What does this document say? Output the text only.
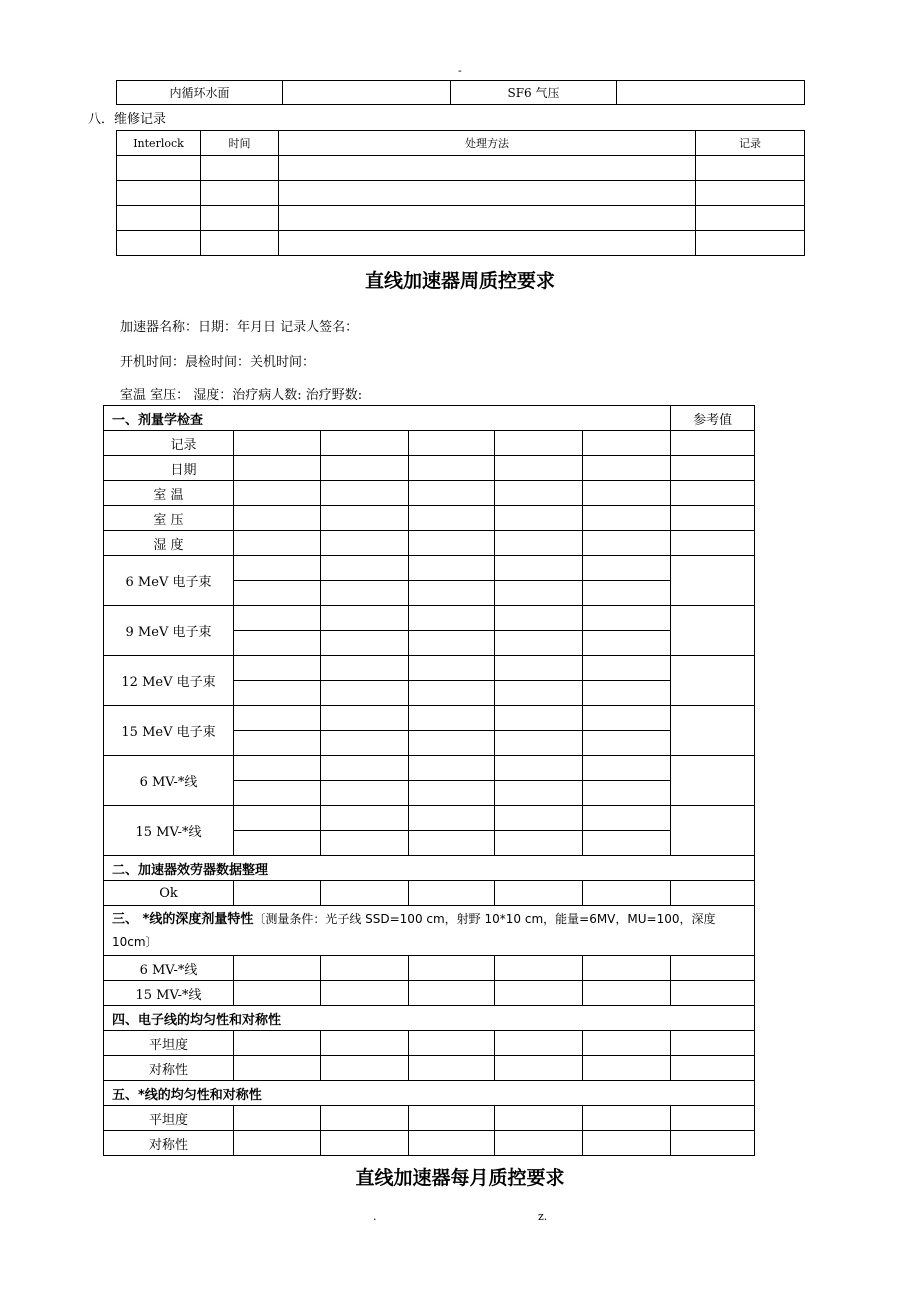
-
内循环水面		SF6 气压	
八．维修记录
Interlock	时间	处理方法	记录

直线加速器周质控要求
加速器名称：日期：年月日 记录人签名：
开机时间：晨检时间：关机时间：
室温 室压： 湿度：治疗病人数: 治疗野数:
一、剂量学检查						参考值
记录						
日期						
室 温						
室 压						
湿 度						
6 MeV 电子束						

9 MeV 电子束						

12 MeV 电子束						

15 MeV 电子束						

6 MV-*线						

15 MV-*线						

二、加速器效劳器数据整理						
Ok						
三、 *线的深度剂量特性〔测量条件：光子线 SSD=100 cm，射野 10*10 cm，能量=6MV，MU=100，深度 10cm〕						
6 MV-*线						
15 MV-*线						
四、电子线的均匀性和对称性						
平坦度						
对称性						
五、*线的均匀性和对称性						
平坦度						
对称性						
直线加速器每月质控要求
.	z.
